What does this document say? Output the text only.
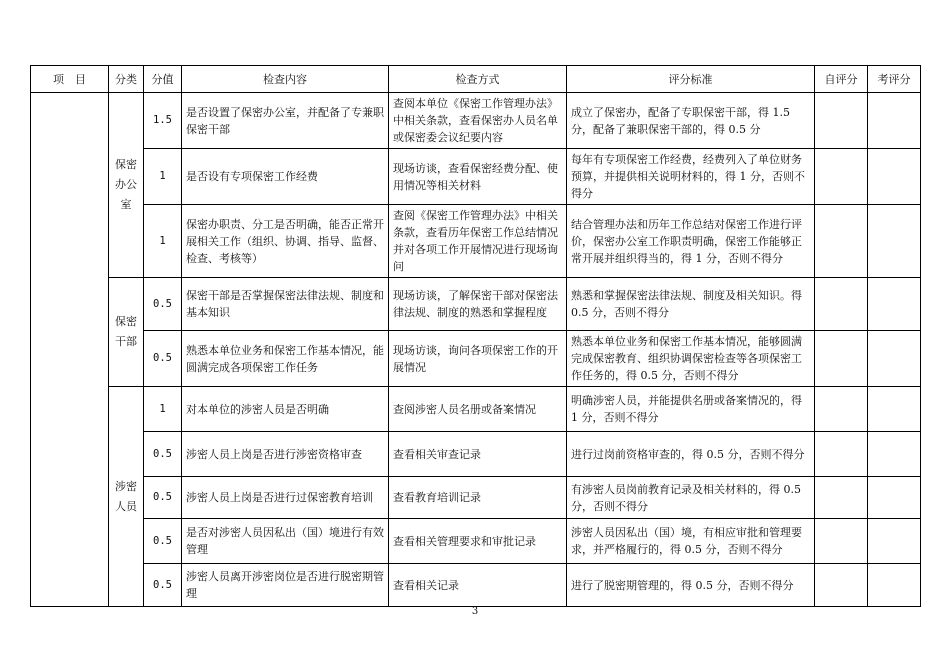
项　目	分类	分值	检查内容	检查方式	评分标准	自评分	考评分
	保密办公室	1.5	是否设置了保密办公室，并配备了专兼职保密干部	查阅本单位《保密工作管理办法》中相关条款，查看保密办人员名单或保密委会议纪要内容	成立了保密办，配备了专职保密干部，得 1.5 分，配备了兼职保密干部的，得 0.5 分		
		1	是否设有专项保密工作经费	现场访谈，查看保密经费分配、使用情况等相关材料	每年有专项保密工作经费，经费列入了单位财务预算，并提供相关说明材料的，得 1 分，否则不得分		
		1	保密办职责、分工是否明确，能否正常开展相关工作（组织、协调、指导、监督、检查、考核等）	查阅《保密工作管理办法》中相关条款，查看历年保密工作总结情况并对各项工作开展情况进行现场询问	结合管理办法和历年工作总结对保密工作进行评价，保密办公室工作职责明确，保密工作能够正常开展并组织得当的，得 1 分，否则不得分		
	保密干部	0.5	保密干部是否掌握保密法律法规、制度和基本知识	现场访谈，了解保密干部对保密法律法规、制度的熟悉和掌握程度	熟悉和掌握保密法律法规、制度及相关知识。得 0.5 分，否则不得分		
		0.5	熟悉本单位业务和保密工作基本情况，能圆满完成各项保密工作任务	现场访谈，询问各项保密工作的开展情况	熟悉本单位业务和保密工作基本情况，能够圆满完成保密教育、组织协调保密检查等各项保密工作任务的，得 0.5 分，否则不得分		
	涉密人员	1	对本单位的涉密人员是否明确	查阅涉密人员名册或备案情况	明确涉密人员，并能提供名册或备案情况的，得 1 分，否则不得分		
		0.5	涉密人员上岗是否进行涉密资格审查	查看相关审查记录	进行过岗前资格审查的，得 0.5 分，否则不得分		
		0.5	涉密人员上岗是否进行过保密教育培训	查看教育培训记录	有涉密人员岗前教育记录及相关材料的，得 0.5 分，否则不得分		
		0.5	是否对涉密人员因私出（国）境进行有效管理	查看相关管理要求和审批记录	涉密人员因私出（国）境，有相应审批和管理要求，并严格履行的，得 0.5 分，否则不得分		
		0.5	涉密人员离开涉密岗位是否进行脱密期管理	查看相关记录	进行了脱密期管理的，得 0.5 分，否则不得分		
3
